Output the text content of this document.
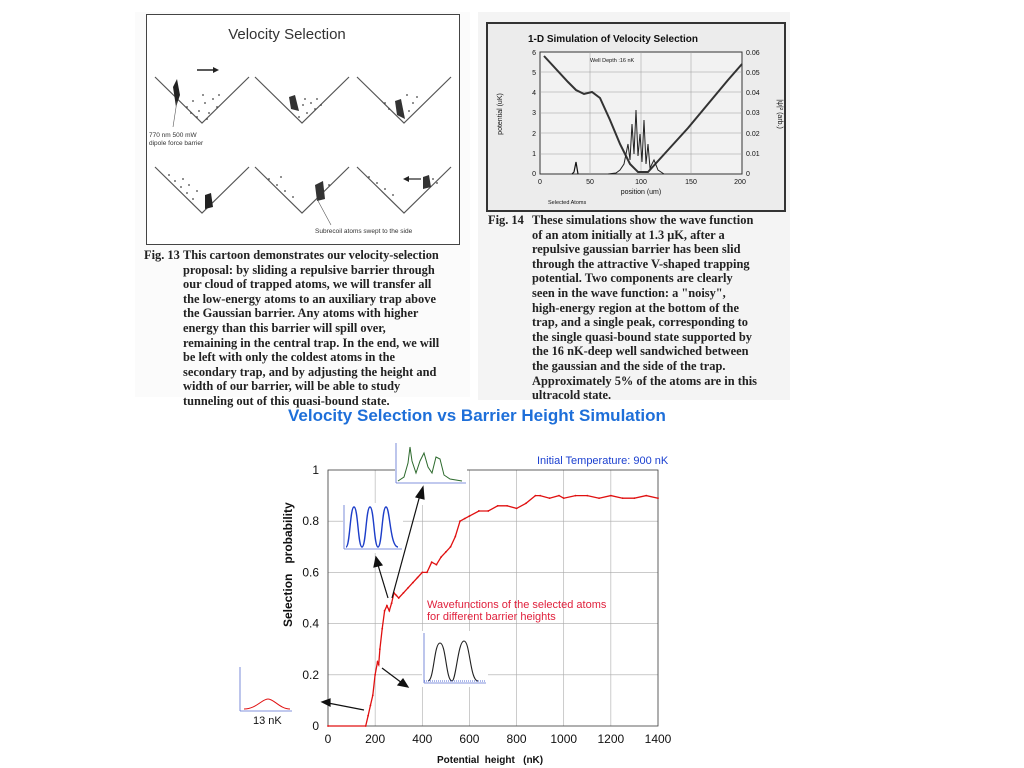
Velocity Selection
770 nm 500 mW
dipole force barrier
Subrecoil atoms swept to the side
Fig. 13 This cartoon demonstrates our velocity-selection
proposal: by sliding a repulsive barrier through
our cloud of trapped atoms, we will transfer all
the low-energy atoms to an auxiliary trap above
the Gaussian barrier. Any atoms with higher
energy than this barrier will spill over,
remaining in the central trap. In the end, we will
be left with only the coldest atoms in the
secondary trap, and by adjusting the height and
width of our barrier, will be able to study
tunneling out of this quasi-bound state.
1-D Simulation of Velocity Selection
0
1
2
3
4
5
6
0
0.01
0.02
0.03
0.04
0.05
0.06
0	50	100	150	200
position (um)
potential (uK)	|ψ|² (arb.)
Well Depth :16 nK
Selected Atoms
Fig. 14 These simulations show the wave function
of an atom initially at 1.3 μK, after a
repulsive gaussian barrier has been slid
through the attractive V-shaped trapping
potential. Two components are clearly
seen in the wave function: a "noisy",
high-energy region at the bottom of the
trap, and a single peak, corresponding to
the single quasi-bound state supported by
the 16 nK-deep well sandwiched between
the gaussian and the side of the trap.
Approximately 5% of the atoms are in this
ultracold state.
Velocity Selection vs Barrier Height Simulation
0	200 400 600 800 1000 1200 1400
0
0.2
0.4
0.6
0.8
1
13 nK
Initial Temperature: 900 nK
Wavefunctions of the selected atoms
for different barrier heights
Potential  height   (nK)
Selection   probability
